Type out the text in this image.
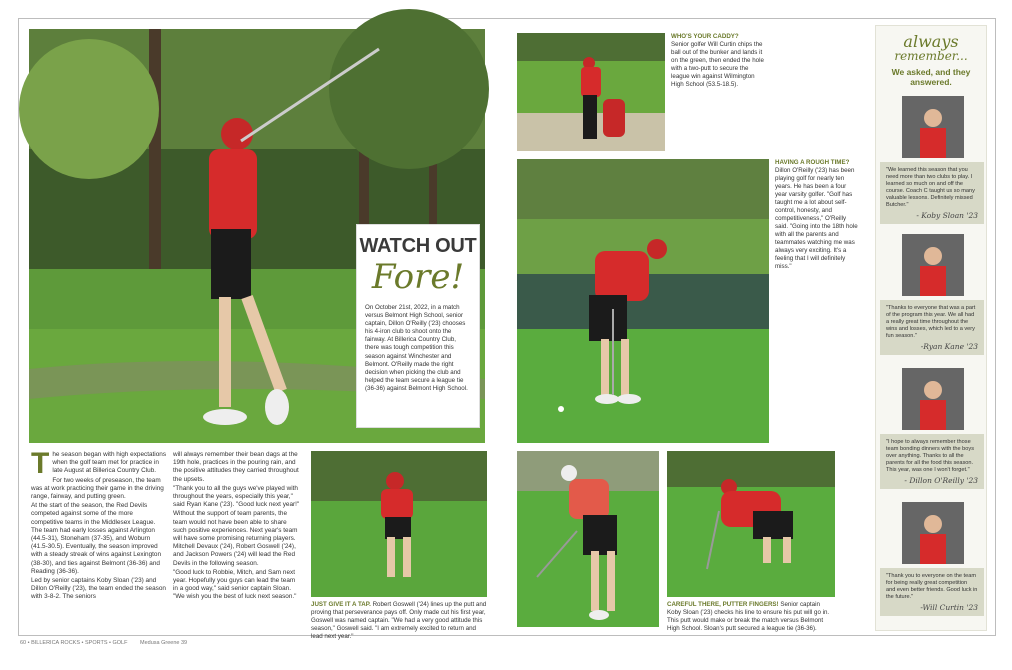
WATCH OUT
Fore!
On October 21st, 2022, in a match versus Belmont High School, senior captain, Dillon O'Reilly ('23) chooses his 4-iron club to shoot onto the fairway. At Billerica Country Club, there was tough competition this season against Winchester and Belmont. O'Reilly made the right decision when picking the club and helped the team secure a league tie (36-36) against Belmont High School.
T he season began with high expectations when the golf team met for practice in late August at Billerica Country Club.

For two weeks of preseason, the team was at work practicing their game in the driving range, fairway, and putting green.

At the start of the season, the Red Devils competed against some of the more competitive teams in the Middlesex League. The team had early losses against Arlington (44.5-31), Stoneham (37-35), and Woburn (41.5-30.5). Eventually, the season improved with a steady streak of wins against Lexington (38-30), and ties against Belmont (36-36) and Reading (36-36).

Led by senior captains Koby Sloan ('23) and Dillon O'Reilly ('23), the team ended the season with 3-8-2. The seniors

will always remember their bean dags at the 19th hole, practices in the pouring rain, and the positive attitudes they carried throughout the upsets.

"Thank you to all the guys we've played with throughout the years, especially this year," said Ryan Kane ('23). "Good luck next year!"

Without the support of team parents, the team would not have been able to share such positive experiences. Next year's team will have some promising returning players. Mitchell Devaux ('24), Robert Goswell ('24), and Jackson Powers ('24) will lead the Red Devils in the following season.

"Good luck to Robbie, Mitch, and Sam next year. Hopefully you guys can lead the team in a good way," said senior captain Sloan. "We wish you the best of luck next season."

JUST GIVE IT A TAP. Robert Goswell ('24) lines up the putt and proving that perseverance pays off. Only made cut his first year, Goswell was named captain. "We had a very good attitude this season," Goswell said. "I am extremely excited to return and lead next year."
WHO'S YOUR CADDY?
Senior golfer Will Curtin chips the ball out of the bunker and lands it on the green, then ended the hole with a two-putt to secure the league win against Wilmington High School (53.5-18.5).
HAVING A ROUGH TIME?
Dillon O'Reilly ('23) has been playing golf for nearly ten years. He has been a four year varsity golfer. "Golf has taught me a lot about self-control, honesty, and competitiveness," O'Reilly said. "Going into the 18th hole with all the parents and teammates watching me was always very exciting. It's a feeling that I will definitely miss."
CAREFUL THERE, PUTTER FINGERS! Senior captain Koby Sloan ('23) checks his line to ensure his put will go in. This putt would make or break the match versus Belmont High School. Sloan's putt secured a league tie (36-36).
always
remember...
We asked, and they answered.
"We learned this season that you need more than two clubs to play. I learned so much on and off the course. Coach C taught us so many valuable lessons. Definitely missed Butcher."
- Koby Sloan '23
"Thanks to everyone that was a part of the program this year. We all had a really great time throughout the wins and losses, which led to a very fun season."
-Ryan Kane '23
"I hope to always remember those team bonding dinners with the boys over anything. Thanks to all the parents for all the food this season. This year, was one I won't forget."
- Dillon O'Reilly '23
"Thank you to everyone on the team for being really great competition and even better friends. Good luck in the future."
-Will Curtin '23
60 • BILLERICA ROCKS • SPORTS • GOLF Medusa Greene 39
